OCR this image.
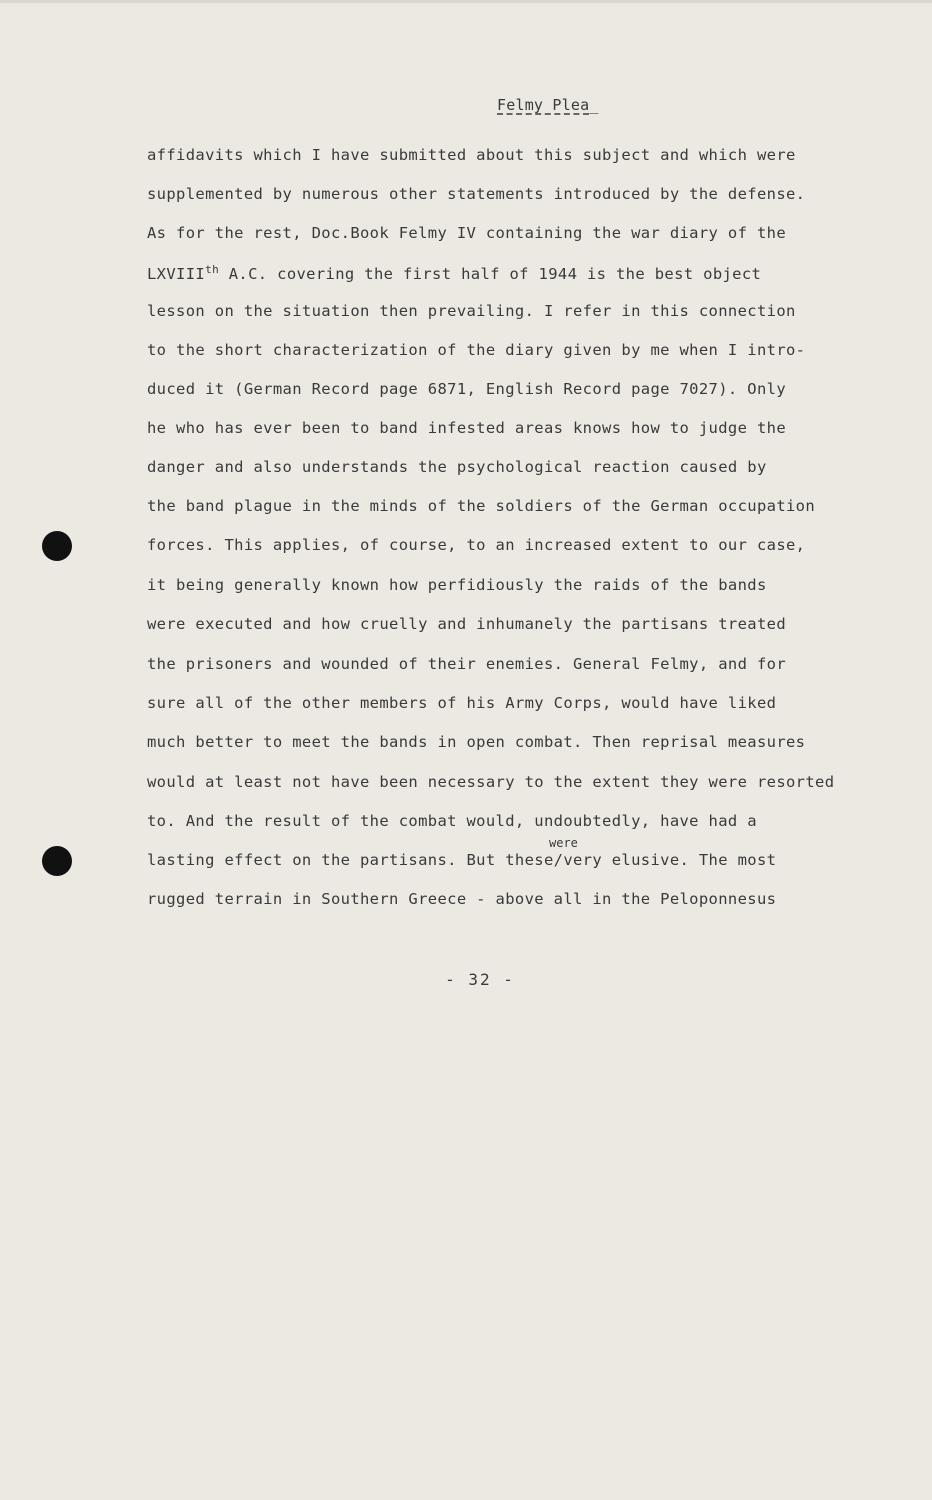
Felmy Plea_
affidavits which I have submitted about this subject and which were
supplemented by numerous other statements introduced by the defense.
As for the rest, Doc.Book Felmy IV containing the war diary of the
LXVIIIth A.C. covering the first half of 1944 is the best object
lesson on the situation then prevailing. I refer in this connection
to the short characterization of the diary given by me when I intro-
duced it (German Record page 6871, English Record page 7027). Only
he who has ever been to band infested areas knows how to judge the
danger and also understands the psychological reaction caused by
the band plague in the minds of the soldiers of the German occupation
forces. This applies, of course, to an increased extent to our case,
it being generally known how perfidiously the raids of the bands
were executed and how cruelly and inhumanely the partisans treated
the prisoners and wounded of their enemies. General Felmy, and for
sure all of the other members of his Army Corps, would have liked
much better to meet the bands in open combat. Then reprisal measures
would at least not have been necessary to the extent they were resorted
to. And the result of the combat would, undoubtedly, have had a
were
lasting effect on the partisans. But these/very elusive. The most
rugged terrain in Southern Greece - above all in the Peloponnesus
- 32 -
